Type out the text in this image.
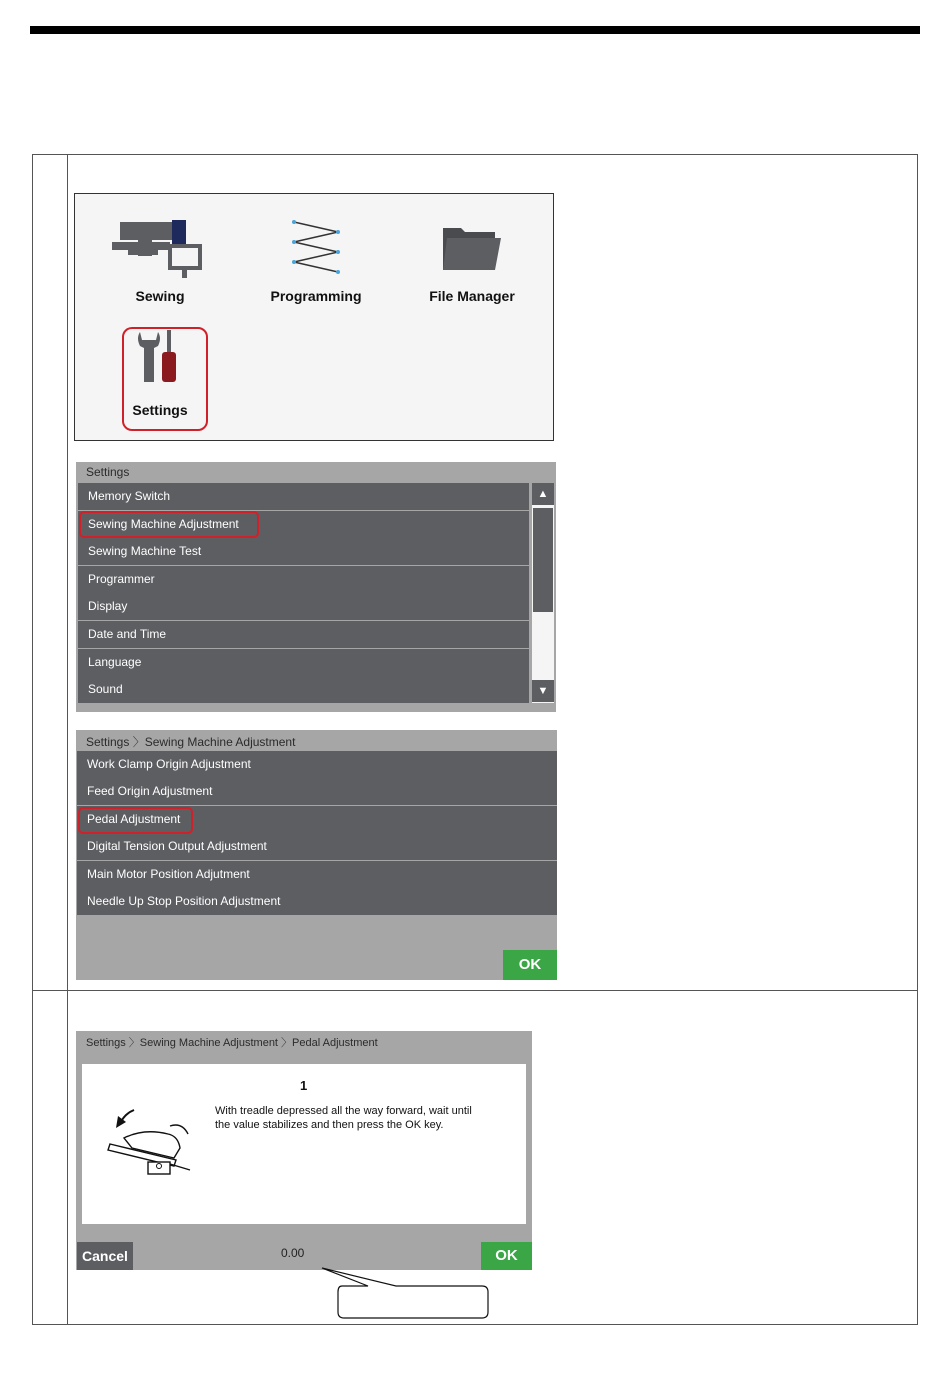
Sewing	Programming	File Manager
Settings
Settings
Memory Switch
Sewing Machine Adjustment
Sewing Machine Test
Programmer
Display
Date and Time
Language
Sound
▲
▼
Settings 〉Sewing Machine Adjustment
Work Clamp Origin Adjustment
Feed Origin Adjustment
Pedal Adjustment
Digital Tension Output Adjustment
Main Motor Position Adjutment
Needle Up Stop Position Adjustment
OK
Settings 〉Sewing Machine Adjustment 〉Pedal Adjustment
1
With treadle depressed all the way forward, wait until
the value stabilizes and then press the OK key.
Cancel	0.00	OK
